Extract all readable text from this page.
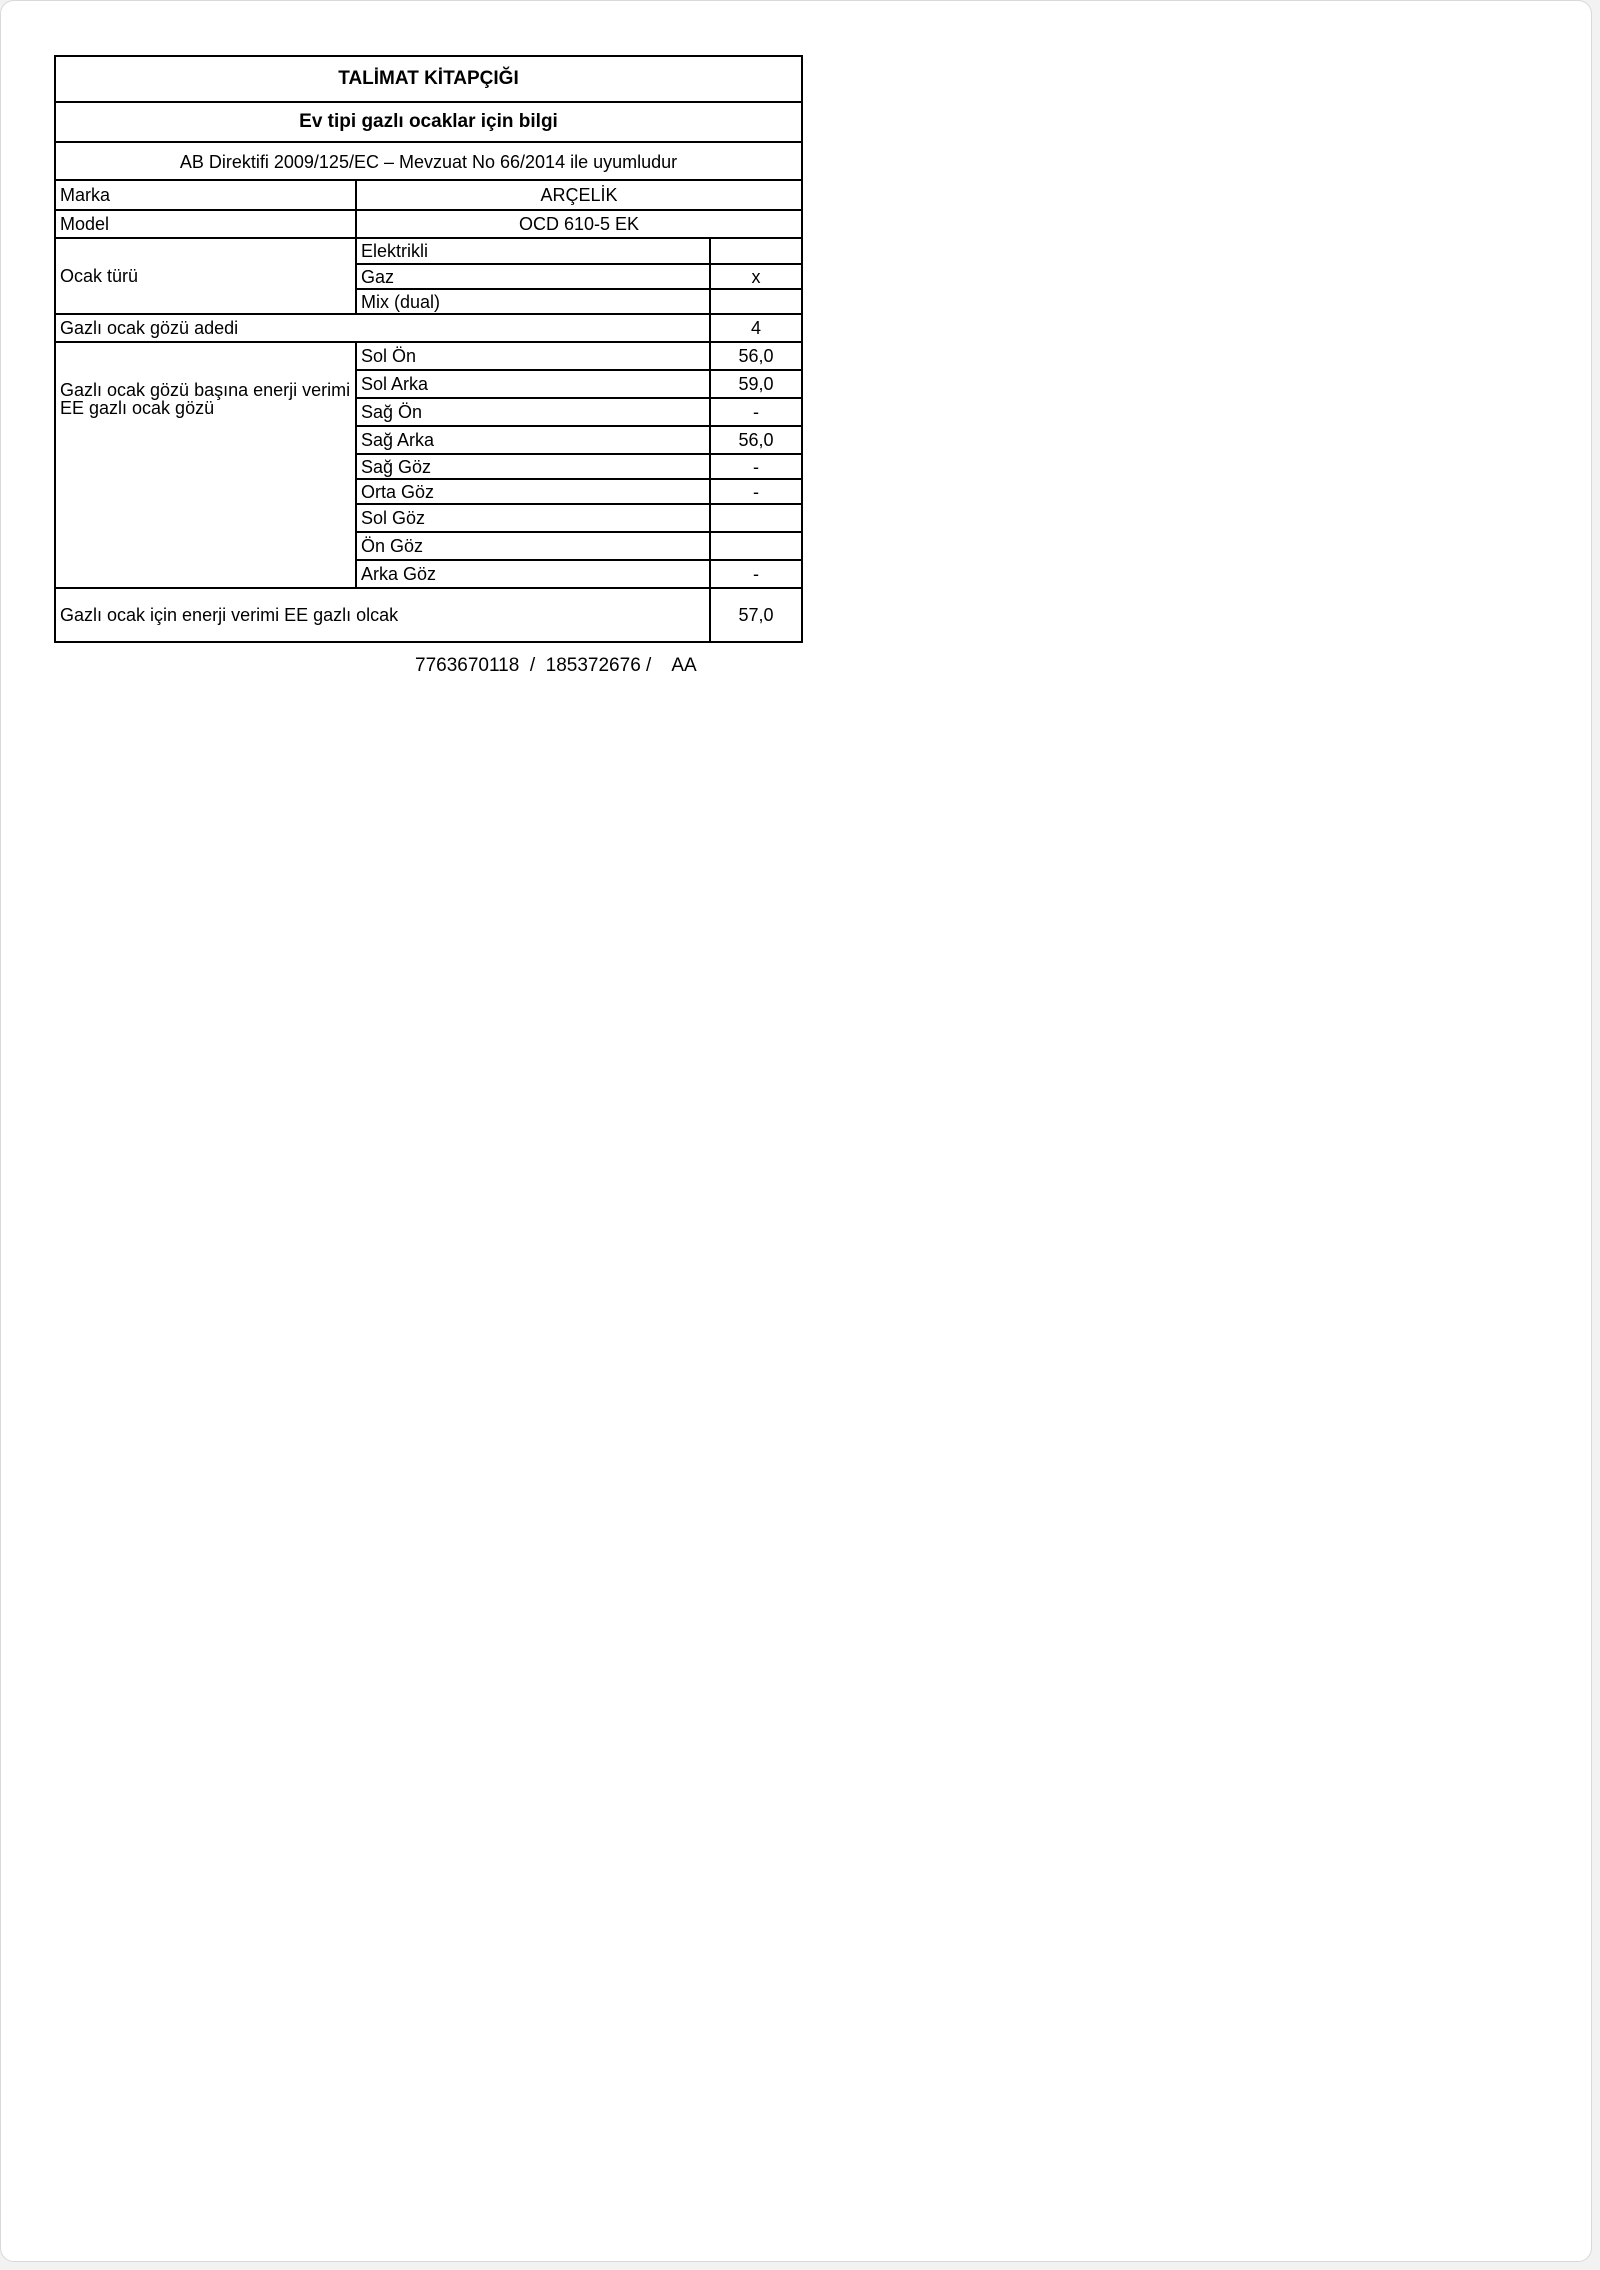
TALİMAT KİTAPÇIĞI
Ev tipi gazlı ocaklar için bilgi
AB Direktifi 2009/125/EC – Mevzuat No 66/2014 ile uyumludur
Marka	ARÇELİK	
Model	OCD 610-5 EK	
Ocak türü	Elektrikli	
	Gaz	x
	Mix (dual)	
Gazlı ocak gözü adedi		4
Gazlı ocak gözü başına enerji verimi EE gazlı ocak gözü	Sol Ön	56,0
	Sol Arka	59,0
	Sağ Ön	-
	Sağ Arka	56,0
	Sağ Göz	-
	Orta Göz	-
	Sol Göz	
	Ön Göz	
	Arka Göz	-
Gazlı ocak için enerji verimi EE gazlı olcak		57,0
7763670118  /  185372676 /    AA
